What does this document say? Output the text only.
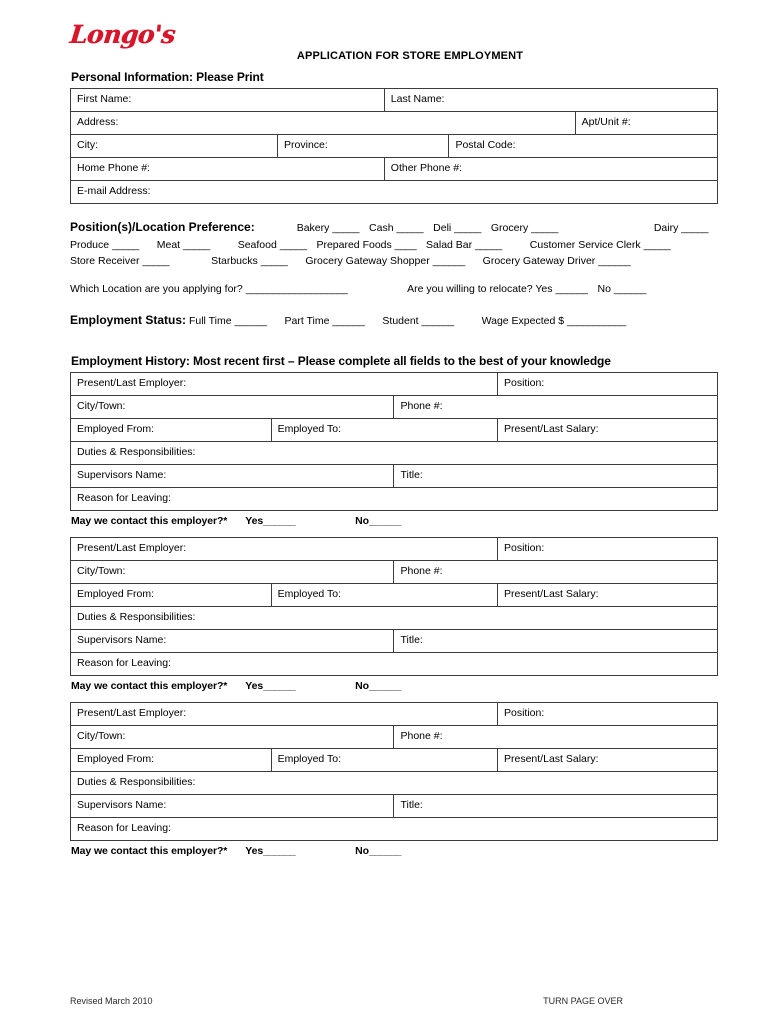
Longo's
APPLICATION FOR STORE EMPLOYMENT
Personal Information: Please Print
First Name:		Last Name:		
Address:				Apt/Unit #:
City:	Province:		Postal Code:	
Home Phone #:		Other Phone #:		
E-mail Address:				
Position(s)/Location Preference:	Bakery _____ Cash _____ Deli _____ Grocery _____	Dairy _____
Produce _____ Meat _____	Seafood _____ Prepared Foods ____ Salad Bar _____	Customer Service Clerk _____
Store Receiver _____	Starbucks _____ Grocery Gateway Shopper ______ Grocery Gateway Driver ______
Which Location are you applying for? ___________________	Are you willing to relocate? Yes ______ No ______
Employment Status: Full Time ______ Part Time ______ Student ______	Wage Expected $ ___________
Employment History: Most recent first – Please complete all fields to the best of your knowledge
Present/Last Employer:			Position:
City/Town:		Phone #:	
Employed From:	Employed To:		Present/Last Salary:
Duties & Responsibilities:			
Supervisors Name:		Title:	
Reason for Leaving:			
May we contact this employer?* Yes______	No______
Present/Last Employer:			Position:
City/Town:		Phone #:	
Employed From:	Employed To:		Present/Last Salary:
Duties & Responsibilities:			
Supervisors Name:		Title:	
Reason for Leaving:			
May we contact this employer?* Yes______	No______
Present/Last Employer:			Position:
City/Town:		Phone #:	
Employed From:	Employed To:		Present/Last Salary:
Duties & Responsibilities:			
Supervisors Name:		Title:	
Reason for Leaving:			
May we contact this employer?* Yes______	No______
Revised March 2010	TURN PAGE OVER
